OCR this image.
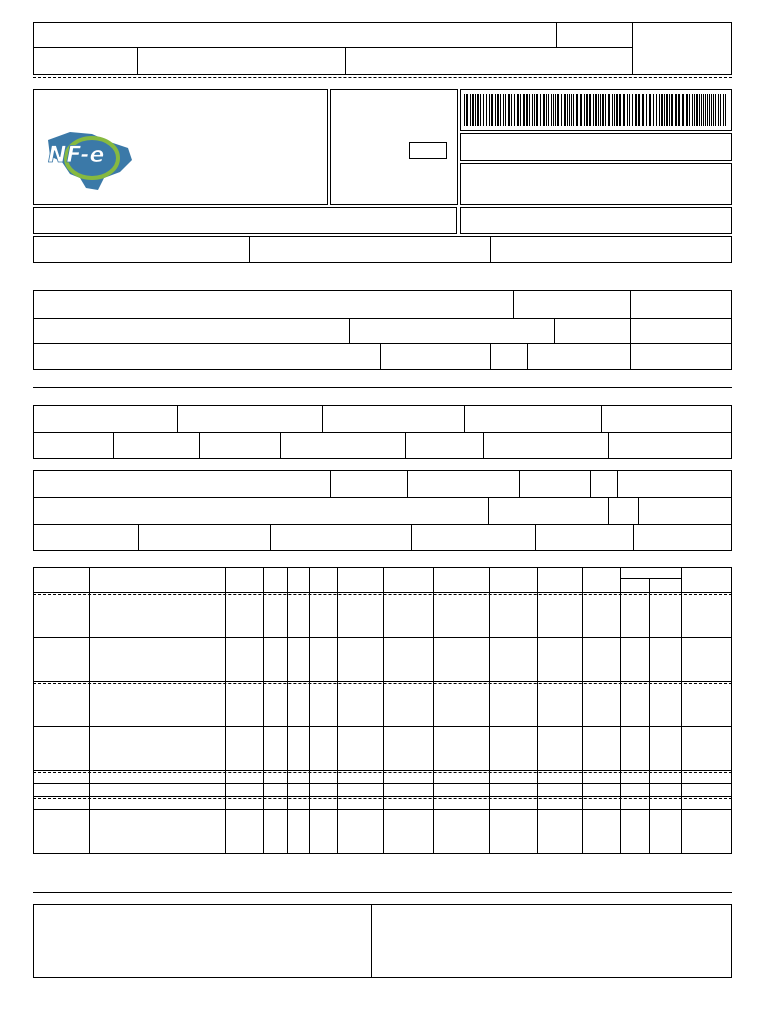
NF-e
